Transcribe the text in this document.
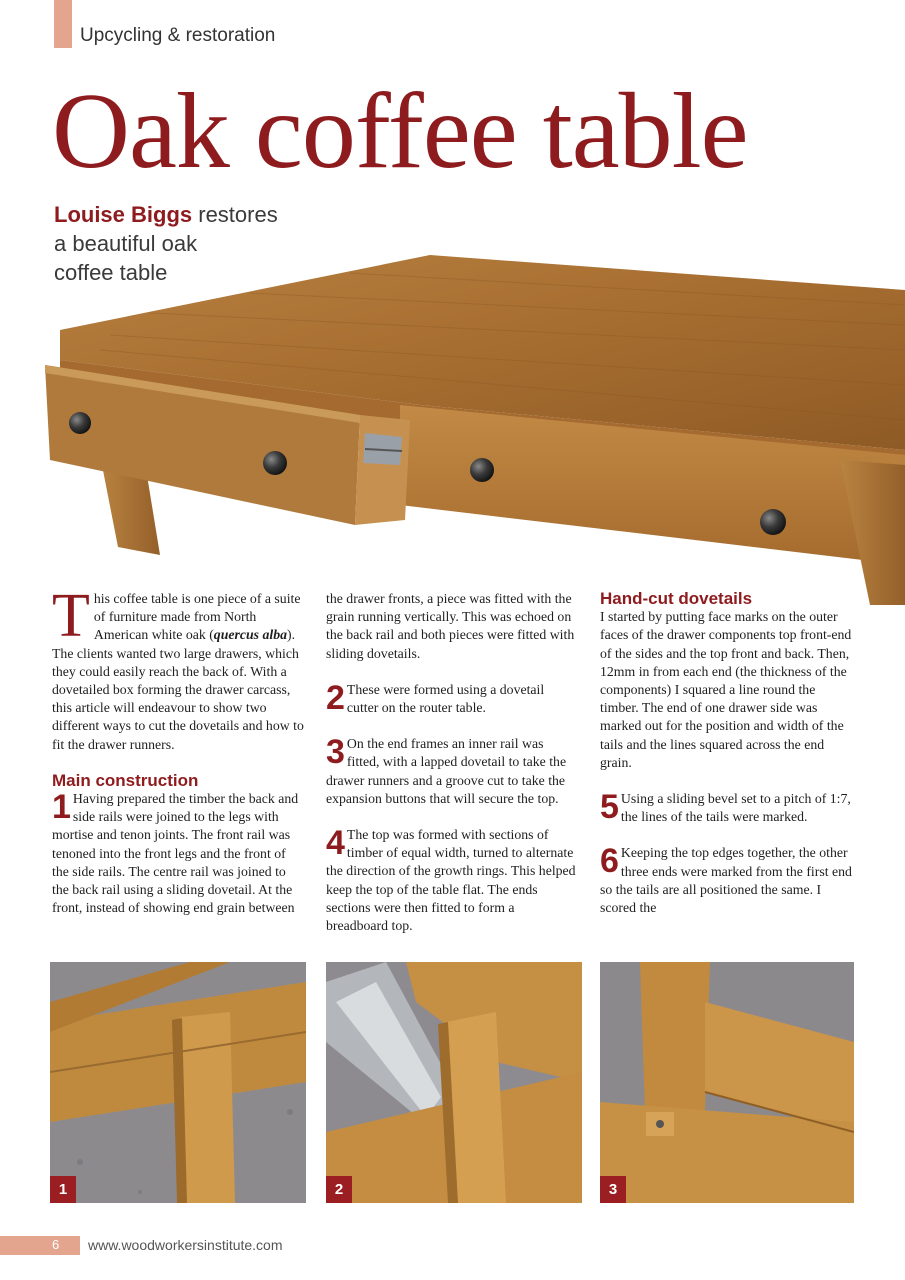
Upcycling & restoration
Oak coffee table
Louise Biggs restores
a beautiful oak
coffee table

This coffee table is one piece of a suite of furniture made from North American white oak (quercus alba). The clients wanted two large drawers, which they could easily reach the back of. With a dovetailed box forming the drawer carcass, this article will endeavour to show two different ways to cut the dovetails and how to fit the drawer runners.

Main construction

1 Having prepared the timber the back and side rails were joined to the legs with mortise and tenon joints. The front rail was tenoned into the front legs and the front of the side rails. The centre rail was joined to the back rail using a sliding dovetail. At the front, instead of showing end grain between

the drawer fronts, a piece was fitted with the grain running vertically. This was echoed on the back rail and both pieces were fitted with sliding dovetails.

2 These were formed using a dovetail cutter on the router table.

3 On the end frames an inner rail was fitted, with a lapped dovetail to take the drawer runners and a groove cut to take the expansion buttons that will secure the top.

4 The top was formed with sections of timber of equal width, turned to alternate the direction of the growth rings. This helped keep the top of the table flat. The ends sections were then fitted to form a breadboard top.

Hand-cut dovetails

I started by putting face marks on the outer faces of the drawer components top front-end of the sides and the top front and back. Then, 12mm in from each end (the thickness of the components) I squared a line round the timber. The end of one drawer side was marked out for the position and width of the tails and the lines squared across the end grain.

5 Using a sliding bevel set to a pitch of 1:7, the lines of the tails were marked.

6 Keeping the top edges together, the other three ends were marked from the first end so the tails are all positioned the same. I scored the

1	2	3
6 www.woodworkersinstitute.com
